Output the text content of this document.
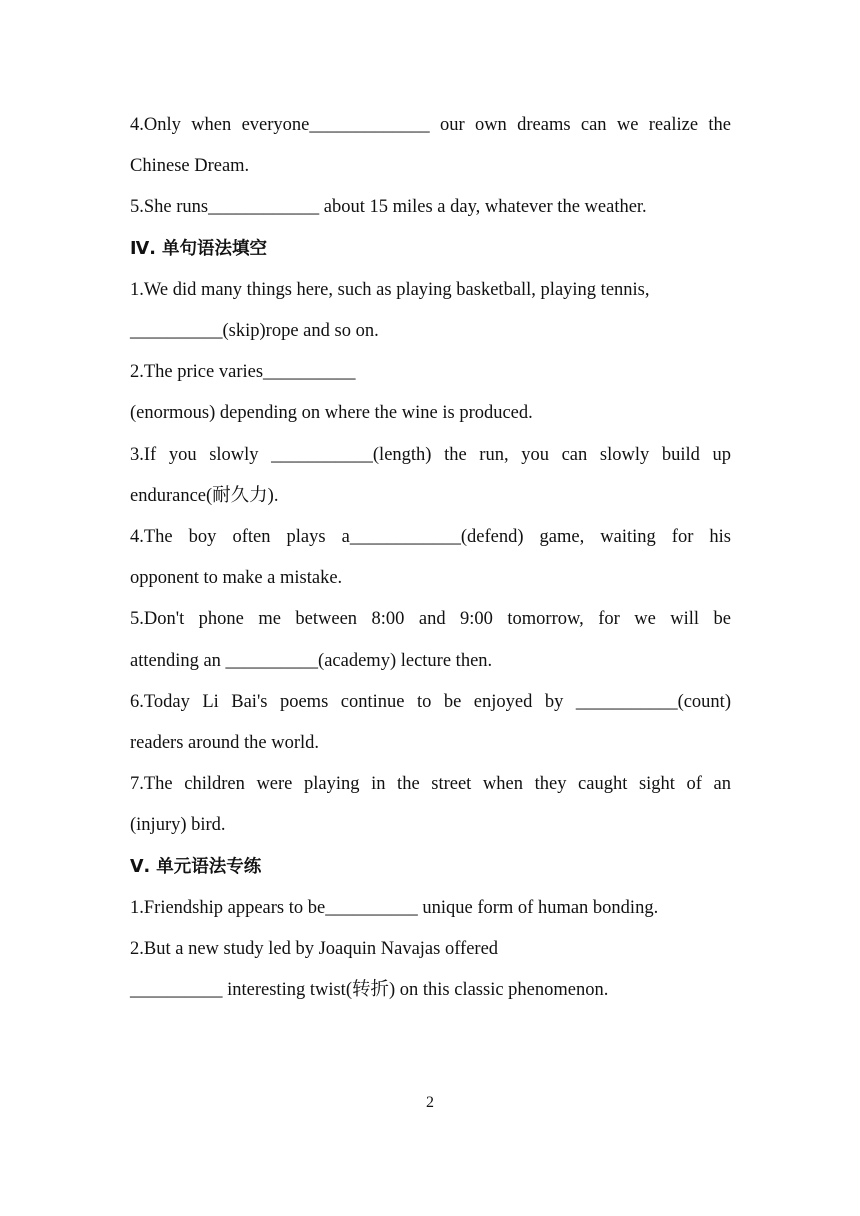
4.Only when everyone_____________ our own dreams can we realize the
Chinese Dream.
5.She runs____________ about 15 miles a day, whatever the weather.
Ⅳ. 单句语法填空
1.We did many things here, such as playing basketball, playing tennis,
__________(skip)rope and so on.
2.The price varies__________
(enormous) depending on where the wine is produced.
3.If you slowly ___________(length) the run, you can slowly build up
endurance(耐久力).
4.The boy often plays a____________(defend) game, waiting for his
opponent to make a mistake.
5.Don't phone me between 8:00 and 9:00 tomorrow, for we will be
attending an __________(academy) lecture then.
6.Today Li Bai's poems continue to be enjoyed by ___________(count)
readers around the world.
7.The children were playing in the street when they caught sight of an
(injury) bird.
Ⅴ. 单元语法专练
1.Friendship appears to be__________ unique form of human bonding.
2.But a new study led by Joaquin Navajas offered
__________ interesting twist(转折) on this classic phenomenon.
2
